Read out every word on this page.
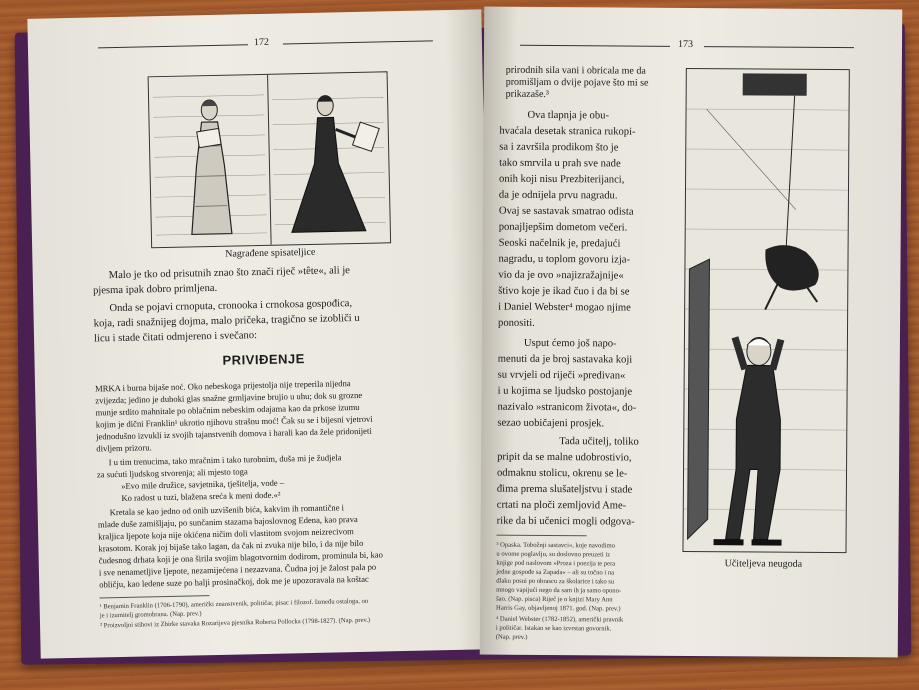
172
Nagrađene spisateljice
Malo je tko od prisutnih znao što znači riječ »tête«, ali je
pjesma ipak dobro primljena.
Onda se pojavi crnoputa, cronooka i crnokosa gospođica,
koja, radi snažnijeg dojma, malo pričeka, tragično se izobliči u
licu i stade čitati odmjereno i svečano:
PRIVIĐENJE
MRKA i burna bijaše noć. Oko nebeskoga prijestolja nije treperila nijedna
zvijezda; jedino je duboki glas snažne grmljavine brujio u uhu; dok su grozne
munje srdito mahnitale po oblačnim nebeskim odajama kao da prkose izumu
kojim je dični Franklin¹ ukrotio njihovu strašnu moć! Čak su se i bijesni vjetrovi
jednodušno izvukli iz svojih tajanstvenih domova i harali kao da žele pridonijeti
divljem prizoru.
I u tim trenucima, tako mračnim i tako turobnim, duša mi je žudjela
za sućuti ljudskog stvorenja; ali mjesto toga
»Evo mile družice, savjetnika, tješitelja, vode –
Ko radost u tuzi, blažena sreća k meni dođe.«²
Kretala se kao jedno od onih uzvišenih bića, kakvim ih romantične i
mlade duše zamišljaju, po sunčanim stazama bajoslovnog Edena, kao prava
kraljica ljepote koja nije okićena ničim doli vlastitom svojom neizrecivom
krasotom. Korak joj bijaše tako lagan, da čak ni zvuka nije bilo, i da nije bilo
čudesnog drhata koji je ona širila svojim blagotvornim dodirom, prominula bi, kao
i sve nenametljive ljepote, nezamijećena i nezazvana. Čudna joj je žalost pala po
obličju, kao ledene suze po halji prosinačkoj, dok me je upozoravala na koštac
¹ Benjamin Franklin (1706-1790), američki znanstvenik, političar, pisac i filozof. Između ostaloga, on
je i izumitelj gromobrana. (Nap. prev.)
² Proizvoljni stihovi iz Zbirke stavaka Rozarijeva pjesnika Roberta Pollocka (1798-1827). (Nap. prev.)
173
prirodnih sila vani i obricala me da
promišljam o dvije pojave što mi se
prikazaše.³
Ova tlapnja je obu-
hvaćala desetak stranica rukopi-
sa i završila prodikom što je
tako smrvila u prah sve nade
onih koji nisu Prezbiterijanci,
da je odnijela prvu nagradu.
Ovaj se sastavak smatrao odista
ponajljepšim dometom večeri.
Seoski načelnik je, predajući
nagradu, u toplom govoru izja-
vio da je ovo »najizražajnije«
štivo koje je ikad čuo i da bi se
i Daniel Webster⁴ mogao njime
ponositi.
Usput ćemo još napo-
menuti da je broj sastavaka koji
su vrvjeli od riječi »predivan«
i u kojima se ljudsko postojanje
nazivalo »stranicom života«, do-
sezao uobičajeni prosjek.
Tada učitelj, toliko
pripit da se malne udobrostivio,
odmaknu stolicu, okrenu se le-
đima prema slušateljstvu i stade
crtati na ploči zemljovid Ame-
rike da bi učenici mogli odgova-
Učiteljeva neugoda
³ Opaska. Tobožnji sastavci«, koje navodimo
u ovome poglavlju, su doslovno preuzeti iz
knjige pod naslovom »Proza i poezija te pera
jedne gospođe sa Zapada« – ali su točno i na
dlaku posni po obrascu za školarice i tako su
mnogo vapijući nego da sam ih ja samo opono-
šao. (Nap. pisca) Riječ je o knjizi Mary Ann
Harris Gay, objavljenoj 1871. god. (Nap. prev.)
⁴ Daniel Webster (1782-1852), američki pravnik
i političar. Istakao se kao izvrstan govornik.
(Nap. prev.)
